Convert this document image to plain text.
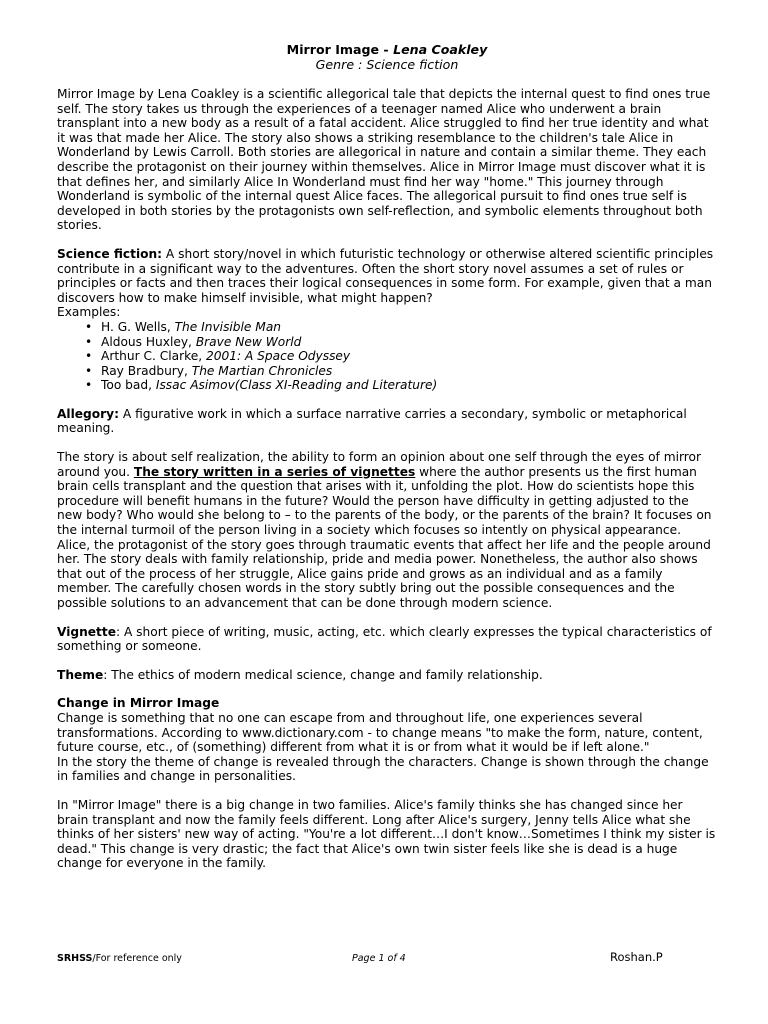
Mirror Image - Lena Coakley
Genre : Science fiction

Mirror Image by Lena Coakley is a scientific allegorical tale that depicts the internal quest to find ones true self. The story takes us through the experiences of a teenager named Alice who underwent a brain transplant into a new body as a result of a fatal accident. Alice struggled to find her true identity and what it was that made her Alice. The story also shows a striking resemblance to the children's tale Alice in Wonderland by Lewis Carroll. Both stories are allegorical in nature and contain a similar theme. They each describe the protagonist on their journey within themselves. Alice in Mirror Image must discover what it is that defines her, and similarly Alice In Wonderland must find her way "home." This journey through Wonderland is symbolic of the internal quest Alice faces. The allegorical pursuit to find ones true self is developed in both stories by the protagonists own self-reflection, and symbolic elements throughout both stories.

Science fiction: A short story/novel in which futuristic technology or otherwise altered scientific principles contribute in a significant way to the adventures. Often the short story novel assumes a set of rules or principles or facts and then traces their logical consequences in some form. For example, given that a man discovers how to make himself invisible, what might happen?

Examples:

• H. G. Wells, The Invisible Man
• Aldous Huxley, Brave New World
• Arthur C. Clarke, 2001: A Space Odyssey
• Ray Bradbury, The Martian Chronicles
• Too bad, Issac Asimov(Class XI-Reading and Literature)

Allegory: A figurative work in which a surface narrative carries a secondary, symbolic or metaphorical meaning.

The story is about self realization, the ability to form an opinion about one self through the eyes of mirror around you. The story written in a series of vignettes where the author presents us the first human brain cells transplant and the question that arises with it, unfolding the plot. How do scientists hope this procedure will benefit humans in the future? Would the person have difficulty in getting adjusted to the new body? Who would she belong to – to the parents of the body, or the parents of the brain? It focuses on the internal turmoil of the person living in a society which focuses so intently on physical appearance. Alice, the protagonist of the story goes through traumatic events that affect her life and the people around her. The story deals with family relationship, pride and media power. Nonetheless, the author also shows that out of the process of her struggle, Alice gains pride and grows as an individual and as a family member. The carefully chosen words in the story subtly bring out the possible consequences and the possible solutions to an advancement that can be done through modern science.

Vignette: A short piece of writing, music, acting, etc. which clearly expresses the typical characteristics of something or someone.

Theme: The ethics of modern medical science, change and family relationship.

Change in Mirror Image

Change is something that no one can escape from and throughout life, one experiences several transformations. According to www.dictionary.com - to change means "to make the form, nature, content, future course, etc., of (something) different from what it is or from what it would be if left alone."

In the story the theme of change is revealed through the characters. Change is shown through the change in families and change in personalities.

In "Mirror Image" there is a big change in two families. Alice's family thinks she has changed since her brain transplant and now the family feels different. Long after Alice's surgery, Jenny tells Alice what she thinks of her sisters' new way of acting. "You're a lot different…I don't know…Sometimes I think my sister is dead." This change is very drastic; the fact that Alice's own twin sister feels like she is dead is a huge change for everyone in the family.

SRHSS/For reference only	Page 1 of 4	Roshan.P
